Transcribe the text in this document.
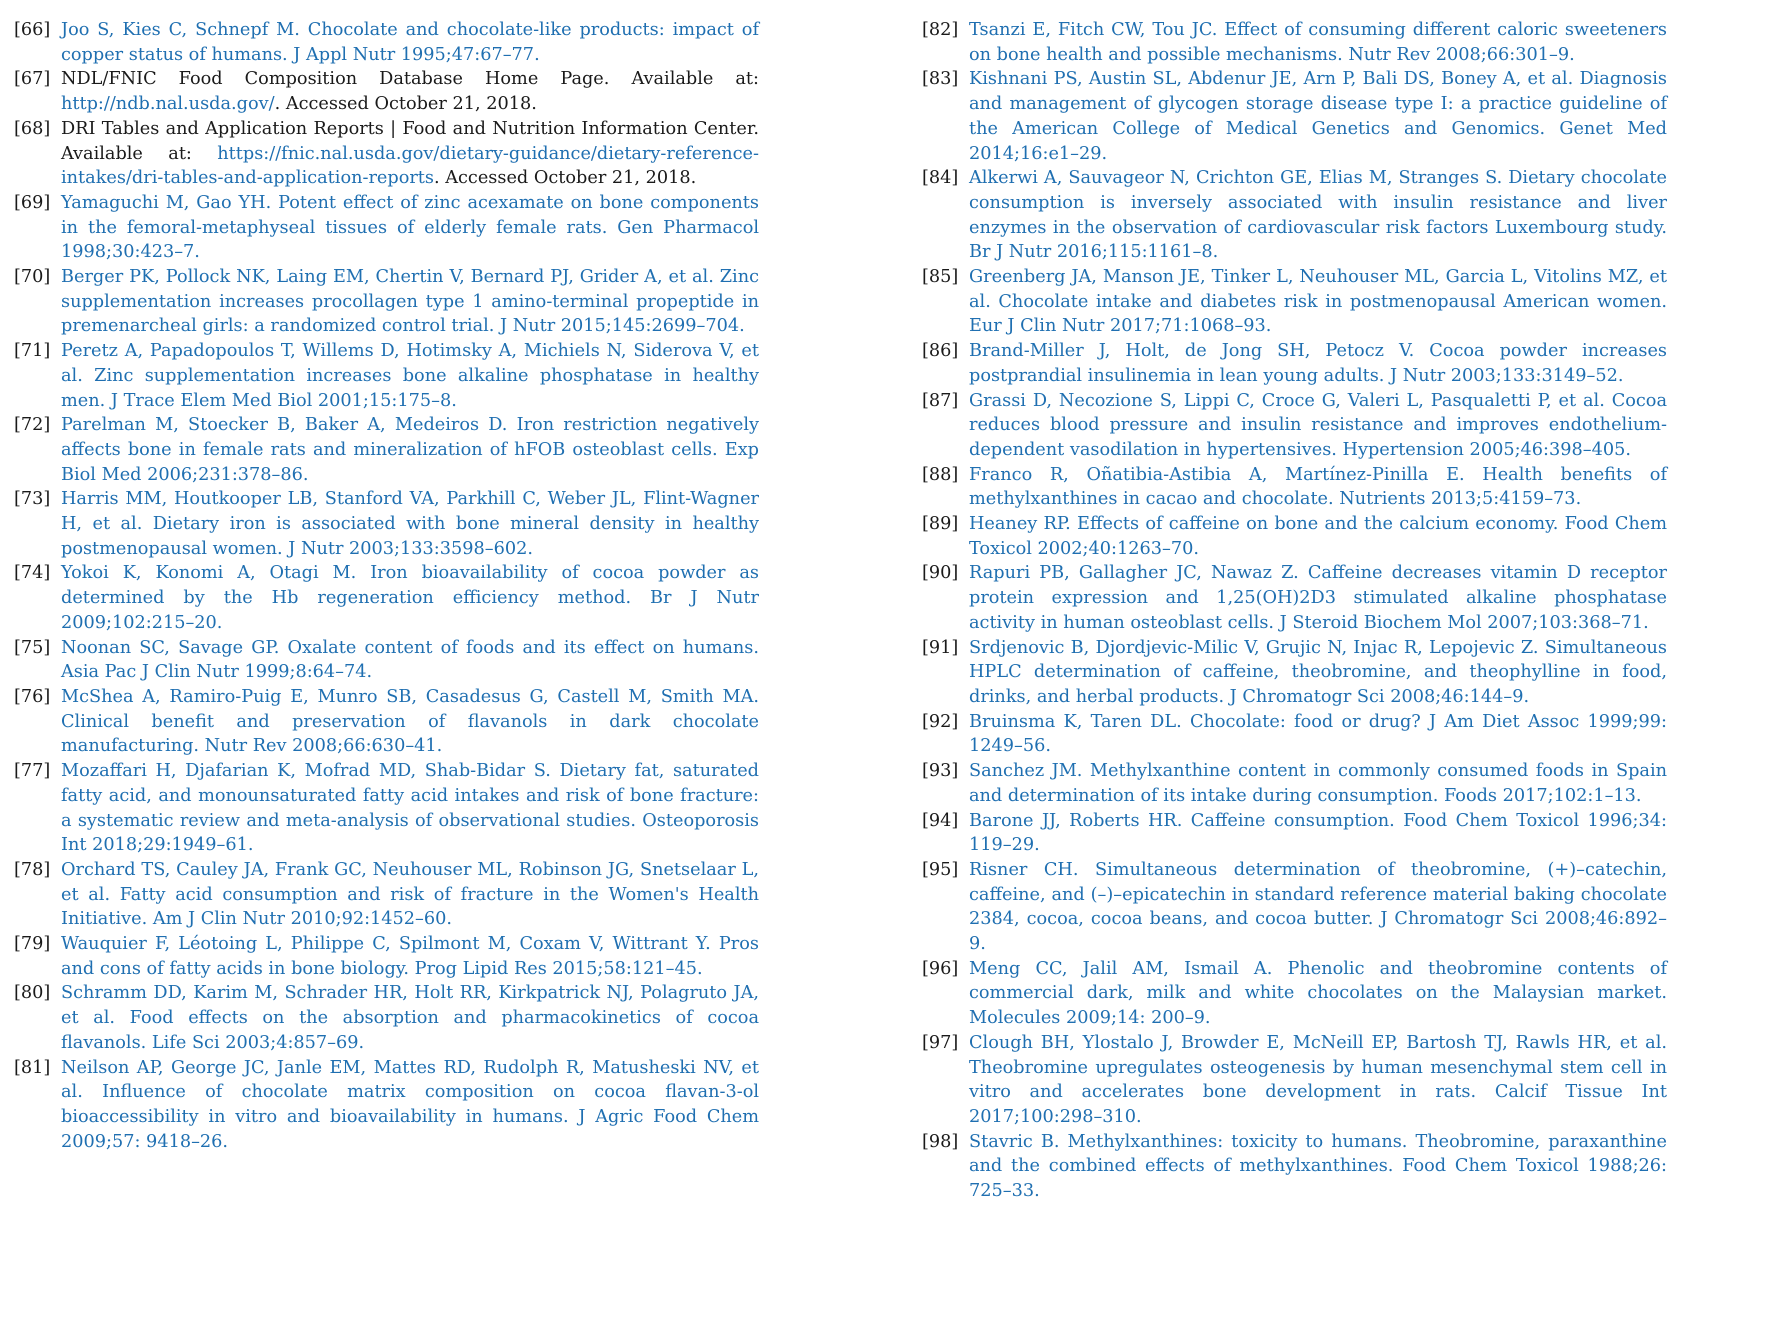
[66] Joo S, Kies C, Schnepf M. Chocolate and chocolate-like products: impact of copper status of humans. J Appl Nutr 1995;47:67–77.
[67] NDL/FNIC Food Composition Database Home Page. Available at: http://ndb.nal.usda.gov/. Accessed October 21, 2018.
[68] DRI Tables and Application Reports | Food and Nutrition Information Center. Available at: https://fnic.nal.usda.gov/dietary-guidance/dietary-reference-intakes/dri-tables-and-application-reports. Accessed October 21, 2018.
[69] Yamaguchi M, Gao YH. Potent effect of zinc acexamate on bone components in the femoral-metaphyseal tissues of elderly female rats. Gen Pharmacol 1998;30:423–7.
[70] Berger PK, Pollock NK, Laing EM, Chertin V, Bernard PJ, Grider A, et al. Zinc supplementation increases procollagen type 1 amino-terminal propeptide in premenarcheal girls: a randomized control trial. J Nutr 2015;145:2699–704.
[71] Peretz A, Papadopoulos T, Willems D, Hotimsky A, Michiels N, Siderova V, et al. Zinc supplementation increases bone alkaline phosphatase in healthy men. J Trace Elem Med Biol 2001;15:175–8.
[72] Parelman M, Stoecker B, Baker A, Medeiros D. Iron restriction negatively affects bone in female rats and mineralization of hFOB osteoblast cells. Exp Biol Med 2006;231:378–86.
[73] Harris MM, Houtkooper LB, Stanford VA, Parkhill C, Weber JL, Flint-Wagner H, et al. Dietary iron is associated with bone mineral density in healthy postmenopausal women. J Nutr 2003;133:3598–602.
[74] Yokoi K, Konomi A, Otagi M. Iron bioavailability of cocoa powder as determined by the Hb regeneration efficiency method. Br J Nutr 2009;102:215–20.
[75] Noonan SC, Savage GP. Oxalate content of foods and its effect on humans. Asia Pac J Clin Nutr 1999;8:64–74.
[76] McShea A, Ramiro-Puig E, Munro SB, Casadesus G, Castell M, Smith MA. Clinical benefit and preservation of flavanols in dark chocolate manufacturing. Nutr Rev 2008;66:630–41.
[77] Mozaffari H, Djafarian K, Mofrad MD, Shab-Bidar S. Dietary fat, saturated fatty acid, and monounsaturated fatty acid intakes and risk of bone fracture: a systematic review and meta-analysis of observational studies. Osteoporosis Int 2018;29:1949–61.
[78] Orchard TS, Cauley JA, Frank GC, Neuhouser ML, Robinson JG, Snetselaar L, et al. Fatty acid consumption and risk of fracture in the Women's Health Initiative. Am J Clin Nutr 2010;92:1452–60.
[79] Wauquier F, Léotoing L, Philippe C, Spilmont M, Coxam V, Wittrant Y. Pros and cons of fatty acids in bone biology. Prog Lipid Res 2015;58:121–45.
[80] Schramm DD, Karim M, Schrader HR, Holt RR, Kirkpatrick NJ, Polagruto JA, et al. Food effects on the absorption and pharmacokinetics of cocoa flavanols. Life Sci 2003;4:857–69.
[81] Neilson AP, George JC, Janle EM, Mattes RD, Rudolph R, Matusheski NV, et al. Influence of chocolate matrix composition on cocoa flavan-3-ol bioaccessibility in vitro and bioavailability in humans. J Agric Food Chem 2009;57: 9418–26.
[82] Tsanzi E, Fitch CW, Tou JC. Effect of consuming different caloric sweeteners on bone health and possible mechanisms. Nutr Rev 2008;66:301–9.
[83] Kishnani PS, Austin SL, Abdenur JE, Arn P, Bali DS, Boney A, et al. Diagnosis and management of glycogen storage disease type I: a practice guideline of the American College of Medical Genetics and Genomics. Genet Med 2014;16:e1–29.
[84] Alkerwi A, Sauvageor N, Crichton GE, Elias M, Stranges S. Dietary chocolate consumption is inversely associated with insulin resistance and liver enzymes in the observation of cardiovascular risk factors Luxembourg study. Br J Nutr 2016;115:1161–8.
[85] Greenberg JA, Manson JE, Tinker L, Neuhouser ML, Garcia L, Vitolins MZ, et al. Chocolate intake and diabetes risk in postmenopausal American women. Eur J Clin Nutr 2017;71:1068–93.
[86] Brand-Miller J, Holt, de Jong SH, Petocz V. Cocoa powder increases postprandial insulinemia in lean young adults. J Nutr 2003;133:3149–52.
[87] Grassi D, Necozione S, Lippi C, Croce G, Valeri L, Pasqualetti P, et al. Cocoa reduces blood pressure and insulin resistance and improves endothelium-dependent vasodilation in hypertensives. Hypertension 2005;46:398–405.
[88] Franco R, Oñatibia-Astibia A, Martínez-Pinilla E. Health benefits of methylxanthines in cacao and chocolate. Nutrients 2013;5:4159–73.
[89] Heaney RP. Effects of caffeine on bone and the calcium economy. Food Chem Toxicol 2002;40:1263–70.
[90] Rapuri PB, Gallagher JC, Nawaz Z. Caffeine decreases vitamin D receptor protein expression and 1,25(OH)2D3 stimulated alkaline phosphatase activity in human osteoblast cells. J Steroid Biochem Mol 2007;103:368–71.
[91] Srdjenovic B, Djordjevic-Milic V, Grujic N, Injac R, Lepojevic Z. Simultaneous HPLC determination of caffeine, theobromine, and theophylline in food, drinks, and herbal products. J Chromatogr Sci 2008;46:144–9.
[92] Bruinsma K, Taren DL. Chocolate: food or drug? J Am Diet Assoc 1999;99: 1249–56.
[93] Sanchez JM. Methylxanthine content in commonly consumed foods in Spain and determination of its intake during consumption. Foods 2017;102:1–13.
[94] Barone JJ, Roberts HR. Caffeine consumption. Food Chem Toxicol 1996;34: 119–29.
[95] Risner CH. Simultaneous determination of theobromine, (+)–catechin, caffeine, and (–)–epicatechin in standard reference material baking chocolate 2384, cocoa, cocoa beans, and cocoa butter. J Chromatogr Sci 2008;46:892–9.
[96] Meng CC, Jalil AM, Ismail A. Phenolic and theobromine contents of commercial dark, milk and white chocolates on the Malaysian market. Molecules 2009;14: 200–9.
[97] Clough BH, Ylostalo J, Browder E, McNeill EP, Bartosh TJ, Rawls HR, et al. Theobromine upregulates osteogenesis by human mesenchymal stem cell in vitro and accelerates bone development in rats. Calcif Tissue Int 2017;100:298–310.
[98] Stavric B. Methylxanthines: toxicity to humans. Theobromine, paraxanthine and the combined effects of methylxanthines. Food Chem Toxicol 1988;26: 725–33.
